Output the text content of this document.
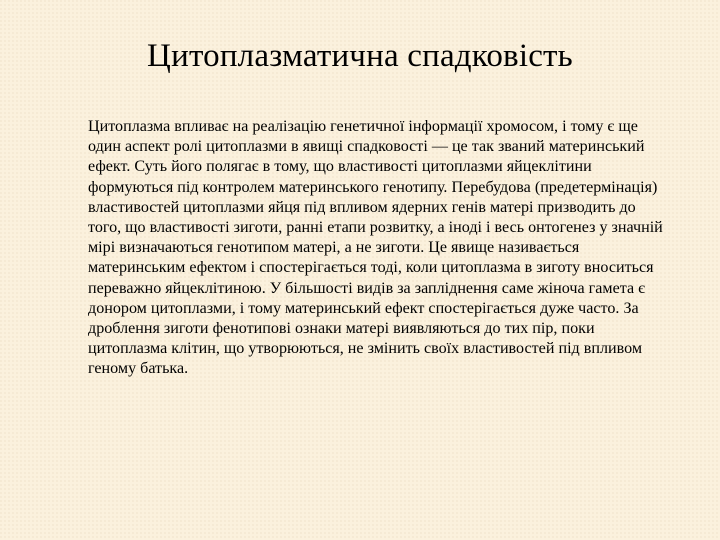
Цитоплазматична спадковість

Цитоплазма впливає на реалізацію генетичної інформації хромосом, і тому є ще один аспект ролі цитоплазми в явищі спадковості — це так званий материнський ефект. Суть його полягає в тому, що властивості цитоплазми яйцеклітини формуються під контролем материнського генотипу. Перебудова (предетермінація) властивостей цитоплазми яйця під впливом ядерних генів матері призводить до того, що властивості зиготи, ранні етапи розвитку, а іноді і весь онтогенез у значній мірі визначаються генотипом матері, а не зиготи. Це явище називається материнським ефектом і спостерігається тоді, коли цитоплазма в зиготу вноситься переважно яйцеклітиною. У більшості видів за запліднення саме жіноча гамета є донором цитоплазми, і тому материнський ефект спостерігається дуже часто. За дроблення зиготи фенотипові ознаки матері виявляються до тих пір, поки цитоплазма клітин, що утворюються, не змінить своїх властивостей під впливом геному батька.
